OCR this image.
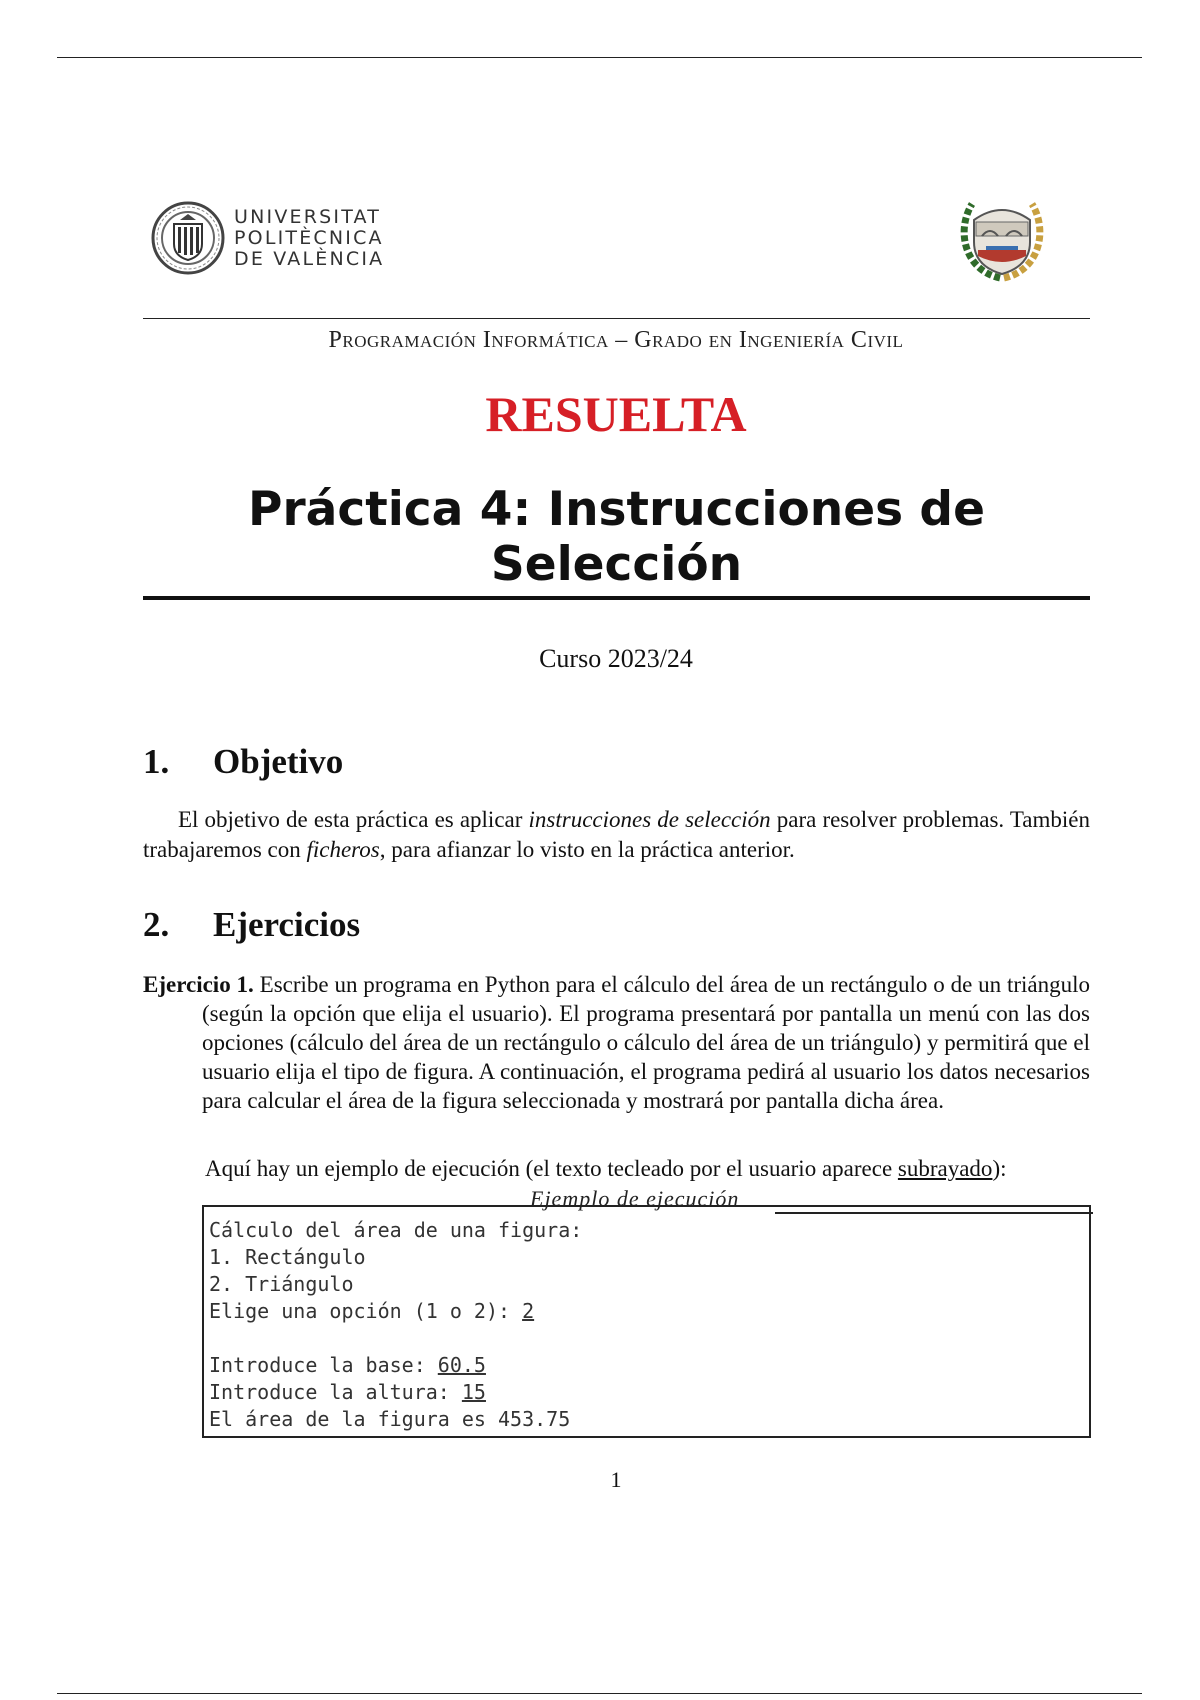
UNIVERSITAT
POLITÈCNICA
DE VALÈNCIA
Programación Informática – Grado en Ingeniería Civil
RESUELTA
Práctica 4: Instrucciones de Selección
Curso 2023/24
1. Objetivo
El objetivo de esta práctica es aplicar instrucciones de selección para resolver problemas. También trabajaremos con ficheros, para afianzar lo visto en la práctica anterior.
2. Ejercicios
Ejercicio 1. Escribe un programa en Python para el cálculo del área de un rectángulo o de un triángulo (según la opción que elija el usuario). El programa presentará por pantalla un menú con las dos opciones (cálculo del área de un rectángulo o cálculo del área de un triángulo) y permitirá que el usuario elija el tipo de figura. A continuación, el programa pedirá al usuario los datos necesarios para calcular el área de la figura seleccionada y mostrará por pantalla dicha área.
Aquí hay un ejemplo de ejecución (el texto tecleado por el usuario aparece subrayado):
Cálculo del área de una figura:
1. Rectángulo
2. Triángulo
Elige una opción (1 o 2): 2
Introduce la base: 60.5
Introduce la altura: 15
El área de la figura es 453.75
Ejemplo de ejecución
1
